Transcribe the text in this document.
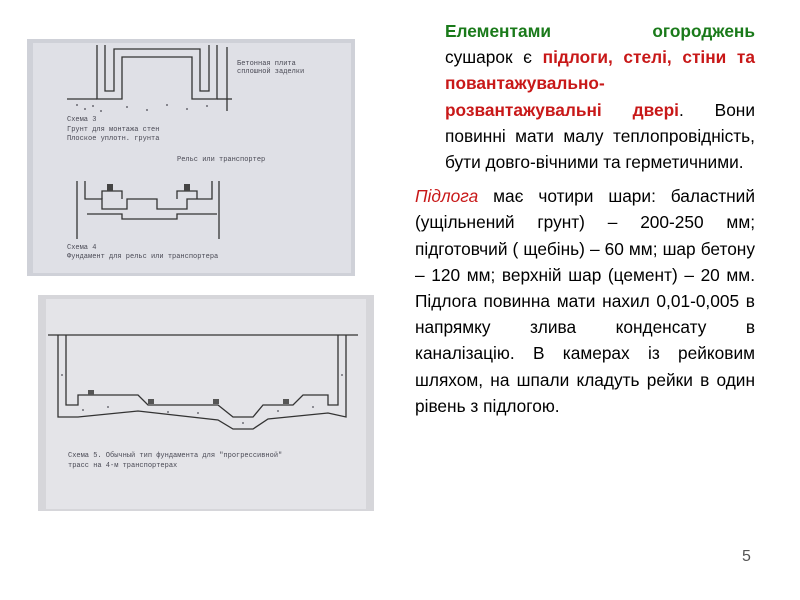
Бетонная плита
сплошной заделки
Схема 3
Грунт для монтажа стен
Плоское уплотн. грунта
Рельс или транспортер
Схема 4
Фундамент для рельс или транспортера
Схема 5. Обычный тип фундамента для "прогрессивной"
трасс на 4-м транспортерах

Елементами огороджень
сушарок є підлоги, стелі, стіни та повантажувально-розвантажувальні двері. Вони повинні мати малу теплопровідність, бути довго-вічними та герметичними.

Підлога має чотири шари: баластний (ущільнений грунт) – 200-250 мм; підготовчий ( щебінь) – 60 мм; шар бетону – 120 мм; верхній шар (цемент) – 20 мм. Підлога повинна мати нахил 0,01-0,005 в напрямку злива конденсату в каналізацію. В камерах із рейковим шляхом, на шпали кладуть рейки в один рівень з підлогою.

5
